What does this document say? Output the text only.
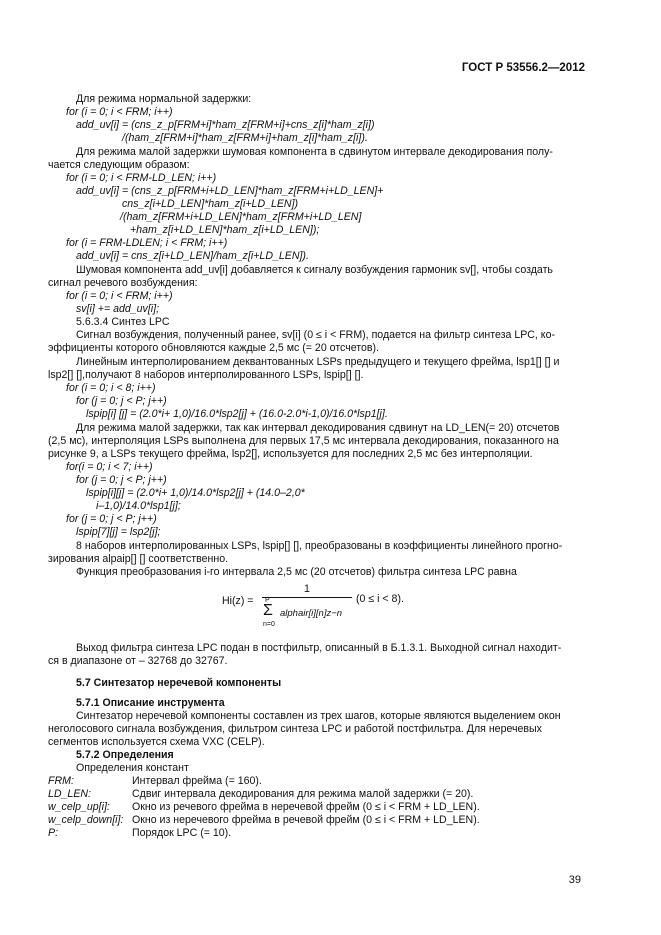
ГОСТ Р 53556.2—2012
Для режима нормальной задержки:
for (i = 0; i < FRM; i++)
add_uv[i] = (cns_z_p[FRM+i]*ham_z[FRM+i]+cns_z[i]*ham_z[i])
/(ham_z[FRM+i]*ham_z[FRM+i]+ham_z[i]*ham_z[i]).
Для режима малой задержки шумовая компонента в сдвинутом интервале декодирования полу-
чается следующим образом:
for (i = 0; i < FRM-LD_LEN; i++)
add_uv[i] = (cns_z_p[FRM+i+LD_LEN]*ham_z[FRM+i+LD_LEN]+
cns_z[i+LD_LEN]*ham_z[i+LD_LEN])
/(ham_z[FRM+i+LD_LEN]*ham_z[FRM+i+LD_LEN]
+ham_z[i+LD_LEN]*ham_z[i+LD_LEN]);
for (i = FRM-LDLEN; i < FRM; i++)
add_uv[i] = cns_z[i+LD_LEN]/ham_z[i+LD_LEN]).
Шумовая компонента add_uv[i] добавляется к сигналу возбуждения гармоник sv[], чтобы создать
сигнал речевого возбуждения:
for (i = 0; i < FRM; i++)
sv[i] += add_uv[i];
5.6.3.4 Синтез LPC
Сигнал возбуждения, полученный ранее, sv[i] (0 ≤ i < FRM), подается на фильтр синтеза LPC, ко-
эффициенты которого обновляются каждые 2,5 мс (= 20 отсчетов).
Линейным интерполированием деквантованных LSPs предыдущего и текущего фрейма, lsp1[] [] и
lsp2[] [],получают 8 наборов интерполированного LSPs, lspip[] [].
for (i = 0; i < 8; i++)
for (j = 0; j < P; j++)
lspip[i] [j] = (2.0*i+ 1,0)/16.0*lsp2[j] + (16.0-2.0*i-1,0)/16.0*lsp1[j].
Для режима малой задержки, так как интервал декодирования сдвинут на LD_LEN(= 20) отсчетов
(2,5 мс), интерполяция LSPs выполнена для первых 17,5 мс интервала декодирования, показанного на
рисунке 9, а LSPs текущего фрейма, lsp2[], используется для последних 2,5 мс без интерполяции.
for(i = 0; i < 7; i++)
for (j = 0; j < P; j++)
lspip[i][j] = (2.0*i+ 1,0)/14.0*lsp2[j] + (14.0–2,0*
i–1,0)/14.0*lsp1[j];
for (j = 0; j < P; j++)
lspip[7][j] = lsp2[j];
8 наборов интерполированных LSPs, lspip[] [], преобразованы в коэффициенты линейного прогно-
зирования alpaip[] [] соответственно.
Функция преобразования i-го интервала 2,5 мс (20 отсчетов) фильтра синтеза LPC равна
Выход фильтра синтеза LPC подан в постфильтр, описанный в Б.1.3.1. Выходной сигнал находит-
ся в диапазоне от – 32768 до 32767.
5.7 Синтезатор неречевой компоненты
5.7.1 Описание инструмента
Синтезатор неречевой компоненты составлен из трех шагов, которые являются выделением окон
неголосового сигнала возбуждения, фильтром синтеза LPC и работой постфильтра. Для неречевых
сегментов используется схема VXC (CELP).
5.7.2 Определения
Определения констант
FRM:	Интервал фрейма (= 160).
LD_LEN:	Сдвиг интервала декодирования для режима малой задержки (= 20).
w_celp_up[i]: Окно из речевого фрейма в неречевой фрейм (0 ≤ i < FRM + LD_LEN).
w_celp_down[i]: Окно из неречевого фрейма в речевой фрейм (0 ≤ i < FRM + LD_LEN).
P:	Порядок LPC (= 10).
Hi(z) =
1
P
Σ
n=0
alphair[i][n]z−n
(0 ≤ i < 8).
39
